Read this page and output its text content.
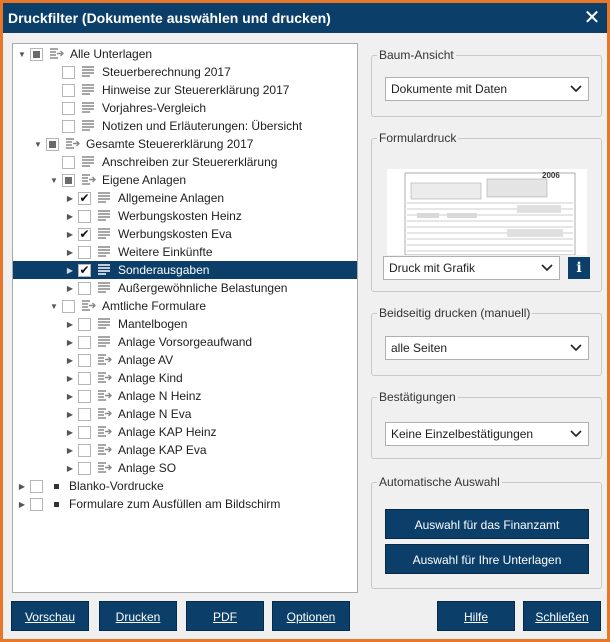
Druckfilter (Dokumente auswählen und drucken)	✕
▼	Alle Unterlagen
Steuerberechnung 2017
Hinweise zur Steuererklärung 2017
Vorjahres-Vergleich
Notizen und Erläuterungen: Übersicht
▼	Gesamte Steuererklärung 2017
Anschreiben zur Steuererklärung
▼	Eigene Anlagen
▶ ✔ Allgemeine Anlagen
▶	Werbungskosten Heinz
▶ ✔ Werbungskosten Eva
▶	Weitere Einkünfte
▶ ✔ Sonderausgaben
▶	Außergewöhnliche Belastungen
▼	Amtliche Formulare
▶	Mantelbogen
▶	Anlage Vorsorgeaufwand
▶	Anlage AV
▶	Anlage Kind
▶	Anlage N Heinz
▶	Anlage N Eva
▶	Anlage KAP Heinz
▶	Anlage KAP Eva
▶	Anlage SO
▶	Blanko-Vordrucke
▶	Formulare zum Ausfüllen am Bildschirm
Baum-Ansicht
Dokumente mit Daten
Formulardruck
2006
Druck mit Grafik	i
Beidseitig drucken (manuell)
alle Seiten
Bestätigungen
Keine Einzelbestätigungen
Automatische Auswahl
Auswahl für das Finanzamt
Auswahl für Ihre Unterlagen
Vorschau	Drucken	PDF	Optionen	Hilfe	Schließen
